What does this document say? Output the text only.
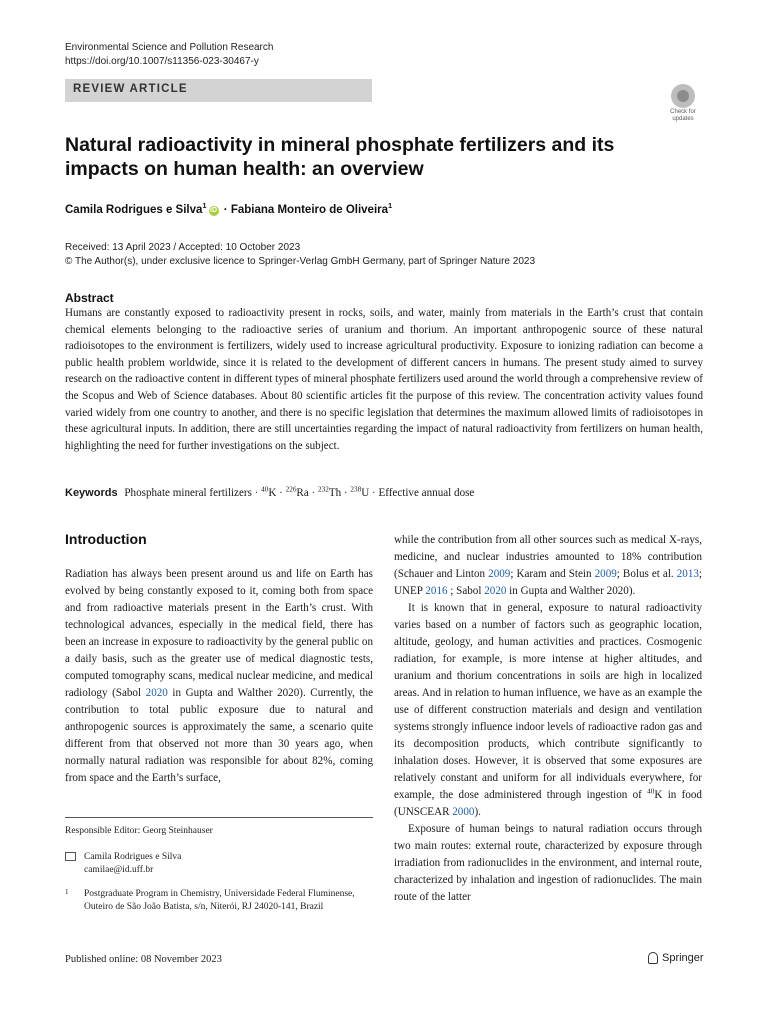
Environmental Science and Pollution Research
https://doi.org/10.1007/s11356-023-30467-y
REVIEW ARTICLE
Check for
updates
Natural radioactivity in mineral phosphate fertilizers and its impacts on human health: an overview
Camila Rodrigues e Silva$^1$iD · Fabiana Monteiro de Oliveira$^1$
Received: 13 April 2023 / Accepted: 10 October 2023
© The Author(s), under exclusive licence to Springer-Verlag GmbH Germany, part of Springer Nature 2023
Abstract
Humans are constantly exposed to radioactivity present in rocks, soils, and water, mainly from materials in the Earth’s crust that contain chemical elements belonging to the radioactive series of uranium and thorium. An important anthropogenic source of these natural radioisotopes to the environment is fertilizers, widely used to increase agricultural productivity. Exposure to ionizing radiation can become a public health problem worldwide, since it is related to the development of different cancers in humans. The present study aimed to survey research on the radioactive content in different types of mineral phosphate fertilizers used around the world through a comprehensive review of the Scopus and Web of Science databases. About 80 scientific articles fit the purpose of this review. The concentration activity values found varied widely from one country to another, and there is no specific legislation that determines the maximum allowed limits of radioisotopes in these agricultural inputs. In addition, there are still uncertainties regarding the impact of natural radioactivity from fertilizers on human health, highlighting the need for further investigations on the subject.
Keywords Phosphate mineral fertilizers · $^{40}$K · $^{226}$Ra · $^{232}$Th · $^{238}$U · Effective annual dose
Introduction

Radiation has always been present around us and life on Earth has evolved by being constantly exposed to it, coming both from space and from radioactive materials present in the Earth’s crust. With technological advances, especially in the medical field, there has been an increase in exposure to radioactivity by the general public on a daily basis, such as the greater use of medical diagnostic tests, computed tomography scans, medical nuclear medicine, and medical radiology (Sabol 2020 in Gupta and Walther 2020). Currently, the contribution to total public exposure due to natural and anthropogenic sources is approximately the same, a scenario quite different from that observed not more than 30 years ago, when normally natural radiation was responsible for about 82%, coming from space and the Earth’s surface,

while the contribution from all other sources such as medical X-rays, medicine, and nuclear industries amounted to 18% contribution (Schauer and Linton 2009; Karam and Stein 2009; Bolus et al. 2013; UNEP 2016 ; Sabol 2020 in Gupta and Walther 2020).

It is known that in general, exposure to natural radioactivity varies based on a number of factors such as geographic location, altitude, geology, and human activities and practices. Cosmogenic radiation, for example, is more intense at higher altitudes, and uranium and thorium concentrations in soils are high in localized areas. And in relation to human influence, we have as an example the use of different construction materials and design and ventilation systems strongly influence indoor levels of radioactive radon gas and its decomposition products, which contribute significantly to inhalation doses. However, it is observed that some exposures are relatively constant and uniform for all individuals everywhere, for example, the dose administered through ingestion of $^{40}$K in food (UNSCEAR 2000).

Exposure of human beings to natural radiation occurs through two main routes: external route, characterized by exposure through irradiation from radionuclides in the environment, and internal route, characterized by inhalation and ingestion of radionuclides. The main route of the latter

Responsible Editor: Georg Steinhauser
Camila Rodrigues e Silva
camilae@id.uff.br
1 Postgraduate Program in Chemistry, Universidade Federal Fluminense, Outeiro de São João Batista, s/n, Niterói, RJ 24020-141, Brazil
Published online: 08 November 2023	Springer
